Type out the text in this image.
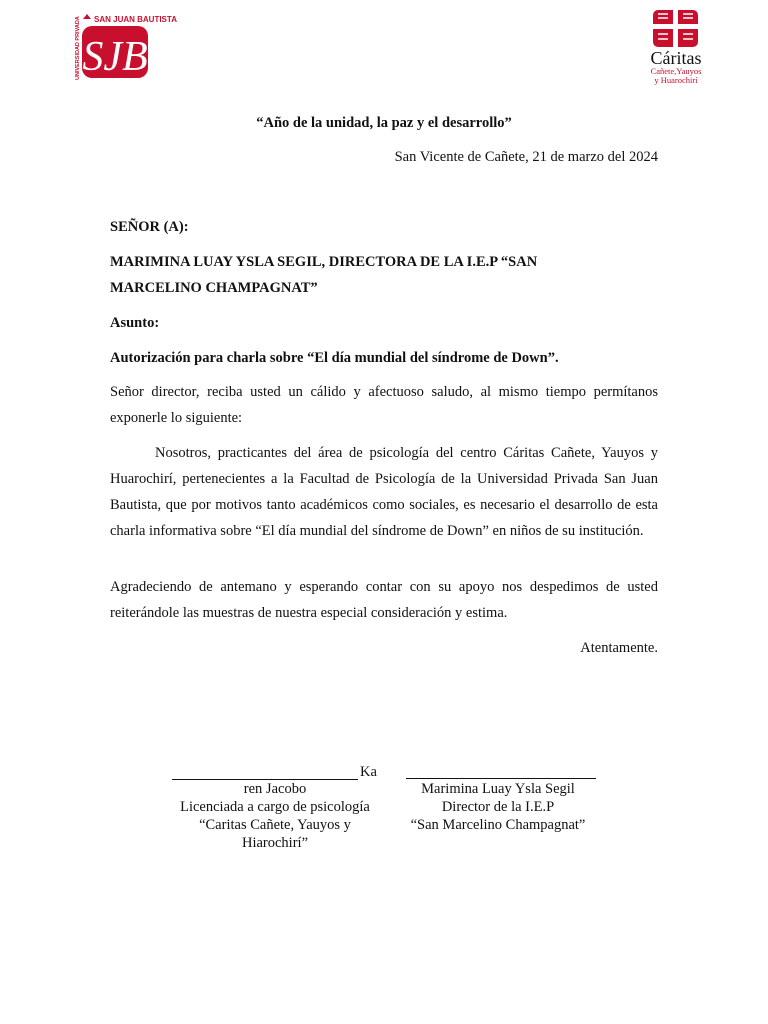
SAN JUAN BAUTISTA
UNIVERSIDAD PRIVADA SJB	Cáritas
Cañete,Yauyos
y Huarochirí
“Año de la unidad, la paz y el desarrollo”
San Vicente de Cañete, 21 de marzo del 2024
SEÑOR (A):
MARIMINA LUAY YSLA SEGIL, DIRECTORA DE LA I.E.P “SAN
MARCELINO CHAMPAGNAT”
Asunto:
Autorización para charla sobre “El día mundial del síndrome de Down”.
Señor director, reciba usted un cálido y afectuoso saludo, al mismo tiempo permítanos exponerle lo siguiente:
Nosotros, practicantes del área de psicología del centro Cáritas Cañete, Yauyos y Huarochirí, pertenecientes a la Facultad de Psicología de la Universidad Privada San Juan Bautista, que por motivos tanto académicos como sociales, es necesario el desarrollo de esta charla informativa sobre “El día mundial del síndrome de Down” en niños de su institución.
Agradeciendo de antemano y esperando contar con su apoyo nos despedimos de usted reiterándole las muestras de nuestra especial consideración y estima.
Atentamente.
Ka
ren Jacobo
Licenciada a cargo de psicología
“Caritas Cañete, Yauyos y
Hiarochirí”
Marimina Luay Ysla Segil
Director de la I.E.P
“San Marcelino Champagnat”
